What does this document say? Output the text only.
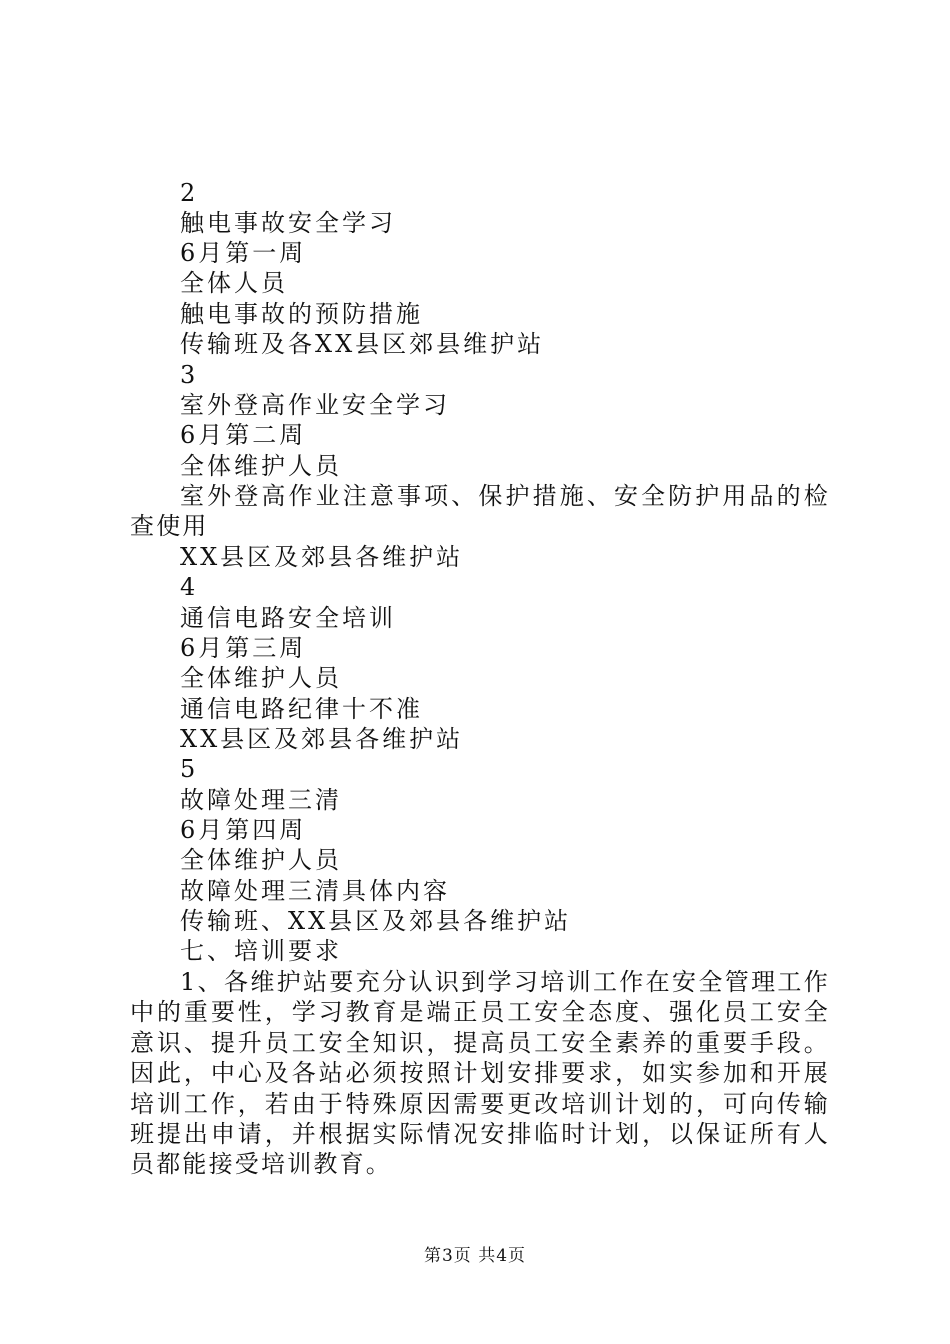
2

触电事故安全学习

6月第一周

全体人员

触电事故的预防措施

传输班及各XX县区郊县维护站

3

室外登高作业安全学习

6月第二周

全体维护人员

室外登高作业注意事项、保护措施、安全防护用品的检查使用

XX县区及郊县各维护站

4

通信电路安全培训

6月第三周

全体维护人员

通信电路纪律十不准

XX县区及郊县各维护站

5

故障处理三清

6月第四周

全体维护人员

故障处理三清具体内容

传输班、XX县区及郊县各维护站

七、培训要求

1、各维护站要充分认识到学习培训工作在安全管理工作中的重要性，学习教育是端正员工安全态度、强化员工安全意识、提升员工安全知识，提高员工安全素养的重要手段。因此，中心及各站必须按照计划安排要求，如实参加和开展培训工作，若由于特殊原因需要更改培训计划的，可向传输班提出申请，并根据实际情况安排临时计划，以保证所有人员都能接受培训教育。

第3页 共4页
